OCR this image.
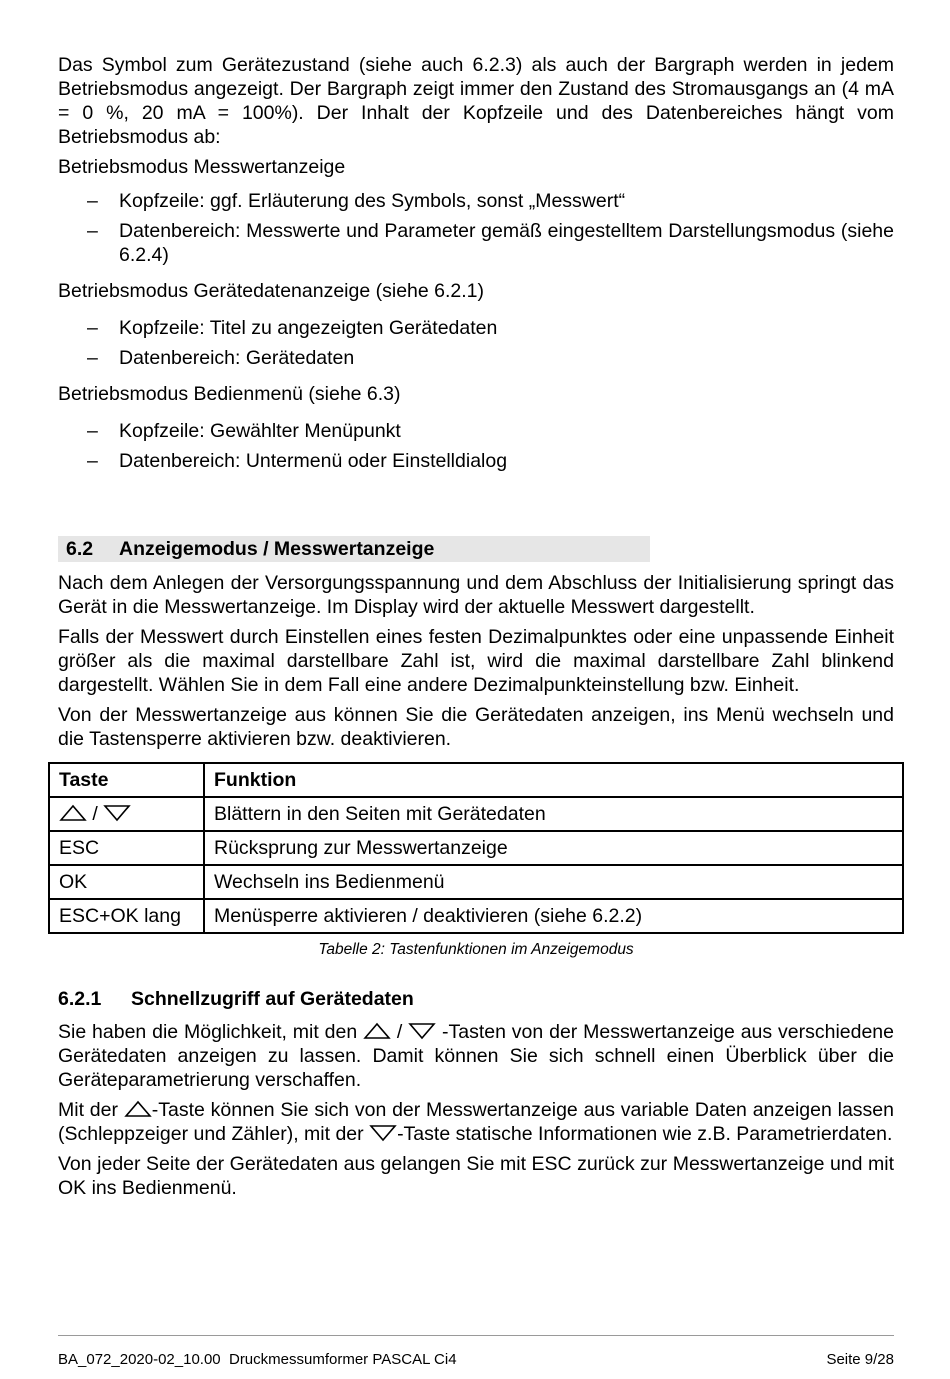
Das Symbol zum Gerätezustand (siehe auch 6.2.3) als auch der Bargraph werden in jedem Betriebsmodus angezeigt. Der Bargraph zeigt immer den Zustand des Stromausgangs an (4 mA = 0 %, 20 mA = 100%). Der Inhalt der Kopfzeile und des Datenbereiches hängt vom Betriebsmodus ab:

Betriebsmodus Messwertanzeige

– Kopfzeile: ggf. Erläuterung des Symbols, sonst „Messwert“
– Datenbereich: Messwerte und Parameter gemäß eingestelltem Darstellungsmodus (siehe 6.2.4)

Betriebsmodus Gerätedatenanzeige (siehe 6.2.1)

– Kopfzeile: Titel zu angezeigten Gerätedaten
– Datenbereich: Gerätedaten

Betriebsmodus Bedienmenü (siehe 6.3)

– Kopfzeile: Gewählter Menüpunkt
– Datenbereich: Untermenü oder Einstelldialog
6.2 Anzeigemodus / Messwertanzeige

Nach dem Anlegen der Versorgungsspannung und dem Abschluss der Initialisierung springt das Gerät in die Messwertanzeige. Im Display wird der aktuelle Messwert dargestellt.

Falls der Messwert durch Einstellen eines festen Dezimalpunktes oder eine unpassende Einheit größer als die maximal darstellbare Zahl ist, wird die maximal darstellbare Zahl blinkend dargestellt. Wählen Sie in dem Fall eine andere Dezimalpunkteinstellung bzw. Einheit.

Von der Messwertanzeige aus können Sie die Gerätedaten anzeigen, ins Menü wechseln und die Tastensperre aktivieren bzw. deaktivieren.

Taste	Funktion
/	Blättern in den Seiten mit Gerätedaten
ESC	Rücksprung zur Messwertanzeige
OK	Wechseln ins Bedienmenü
ESC+OK lang	Menüsperre aktivieren / deaktivieren (siehe 6.2.2)

Tabelle 2: Tastenfunktionen im Anzeigemodus

6.2.1 Schnellzugriff auf Gerätedaten

Sie haben die Möglichkeit, mit den  /  -Tasten von der Messwertanzeige aus verschiedene Gerätedaten anzeigen zu lassen. Damit können Sie sich schnell einen Überblick über die Geräteparametrierung verschaffen.

Mit der -Taste können Sie sich von der Messwertanzeige aus variable Daten anzeigen lassen (Schleppzeiger und Zähler), mit der -Taste statische Informationen wie z.B. Parametrierdaten.

Von jeder Seite der Gerätedaten aus gelangen Sie mit ESC zurück zur Messwertanzeige und mit OK ins Bedienmenü.

BA_072_2020-02_10.00  Druckmessumformer PASCAL Ci4	Seite 9/28
